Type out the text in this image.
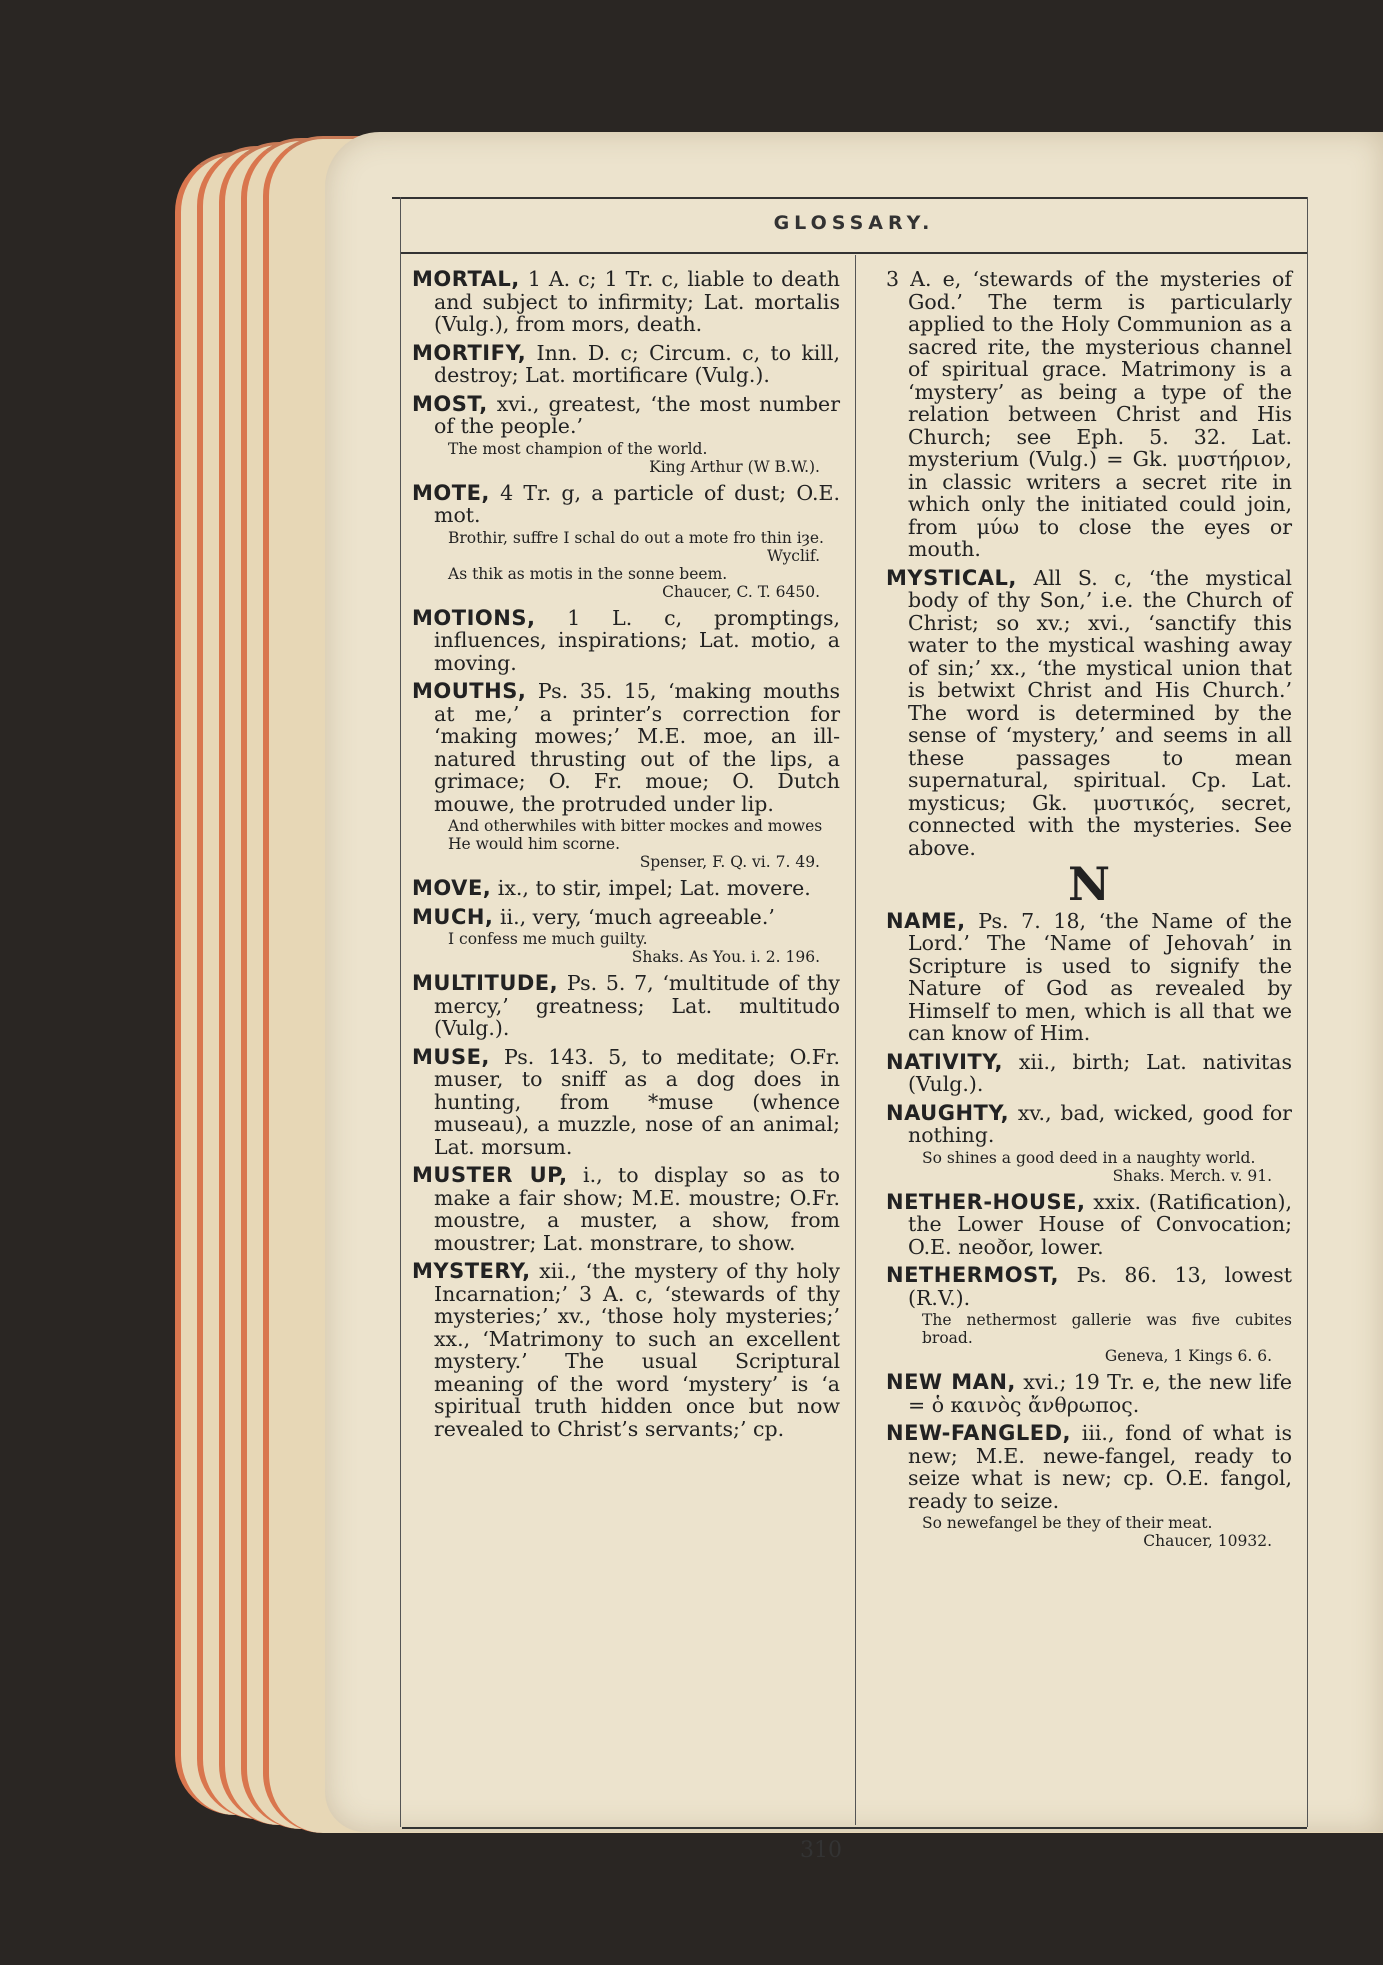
GLOSSARY.
MORTAL, 1 A. c; 1 Tr. c, liable to death and subject to infirmity; Lat. mortalis (Vulg.), from mors, death.
MORTIFY, Inn. D. c; Circum. c, to kill, destroy; Lat. mortificare (Vulg.).
MOST, xvi., greatest, ‘the most number of the people.’
The most champion of the world.
King Arthur (W B.W.).
MOTE, 4 Tr. g, a particle of dust; O.E. mot.
Brothir, suffre I schal do out a mote fro thin iȝe.
Wyclif.
As thik as motis in the sonne beem.
Chaucer, C. T. 6450.
MOTIONS, 1 L. c, promptings, influences, inspirations; Lat. motio, a moving.
MOUTHS, Ps. 35. 15, ‘making mouths at me,’ a printer’s correction for ‘making mowes;’ M.E. moe, an ill-natured thrusting out of the lips, a grimace; O. Fr. moue; O. Dutch mouwe, the protruded under lip.
And otherwhiles with bitter mockes and mowes
He would him scorne.
Spenser, F. Q. vi. 7. 49.
MOVE, ix., to stir, impel; Lat. movere.
MUCH, ii., very, ‘much agreeable.’
I confess me much guilty.
Shaks. As You. i. 2. 196.
MULTITUDE, Ps. 5. 7, ‘multitude of thy mercy,’ greatness; Lat. multitudo (Vulg.).
MUSE, Ps. 143. 5, to meditate; O.Fr. muser, to sniff as a dog does in hunting, from *muse (whence museau), a muzzle, nose of an animal; Lat. morsum.
MUSTER UP, i., to display so as to make a fair show; M.E. moustre; O.Fr. moustre, a muster, a show, from moustrer; Lat. monstrare, to show.
MYSTERY, xii., ‘the mystery of thy holy Incarnation;’ 3 A. c, ‘stewards of thy mysteries;’ xv., ‘those holy mysteries;’ xx., ‘Matrimony to such an excellent mystery.’ The usual Scriptural meaning of the word ‘mystery’ is ‘a spiritual truth hidden once but now revealed to Christ’s servants;’ cp.
3 A. e, ‘stewards of the mysteries of God.’ The term is particularly applied to the Holy Communion as a sacred rite, the mysterious channel of spiritual grace. Matrimony is a ‘mystery’ as being a type of the relation between Christ and His Church; see Eph. 5. 32. Lat. mysterium (Vulg.) = Gk. μυστήριον, in classic writers a secret rite in which only the initiated could join, from μύω to close the eyes or mouth.
MYSTICAL, All S. c, ‘the mystical body of thy Son,’ i.e. the Church of Christ; so xv.; xvi., ‘sanctify this water to the mystical washing away of sin;’ xx., ‘the mystical union that is betwixt Christ and His Church.’ The word is determined by the sense of ‘mystery,’ and seems in all these passages to mean supernatural, spiritual. Cp. Lat. mysticus; Gk. μυστικός, secret, connected with the mysteries. See above.
N
NAME, Ps. 7. 18, ‘the Name of the Lord.’ The ‘Name of Jehovah’ in Scripture is used to signify the Nature of God as revealed by Himself to men, which is all that we can know of Him.
NATIVITY, xii., birth; Lat. nativitas (Vulg.).
NAUGHTY, xv., bad, wicked, good for nothing.
So shines a good deed in a naughty world.
Shaks. Merch. v. 91.
NETHER-HOUSE, xxix. (Ratification), the Lower House of Convocation; O.E. neoðor, lower.
NETHERMOST, Ps. 86. 13, lowest (R.V.).
The nethermost gallerie was five cubites broad.
Geneva, 1 Kings 6. 6.
NEW MAN, xvi.; 19 Tr. e, the new life = ὁ καινὸς ἄνθρωπος.
NEW-FANGLED, iii., fond of what is new; M.E. newe-fangel, ready to seize what is new; cp. O.E. fangol, ready to seize.
So newefangel be they of their meat.
Chaucer, 10932.
310
